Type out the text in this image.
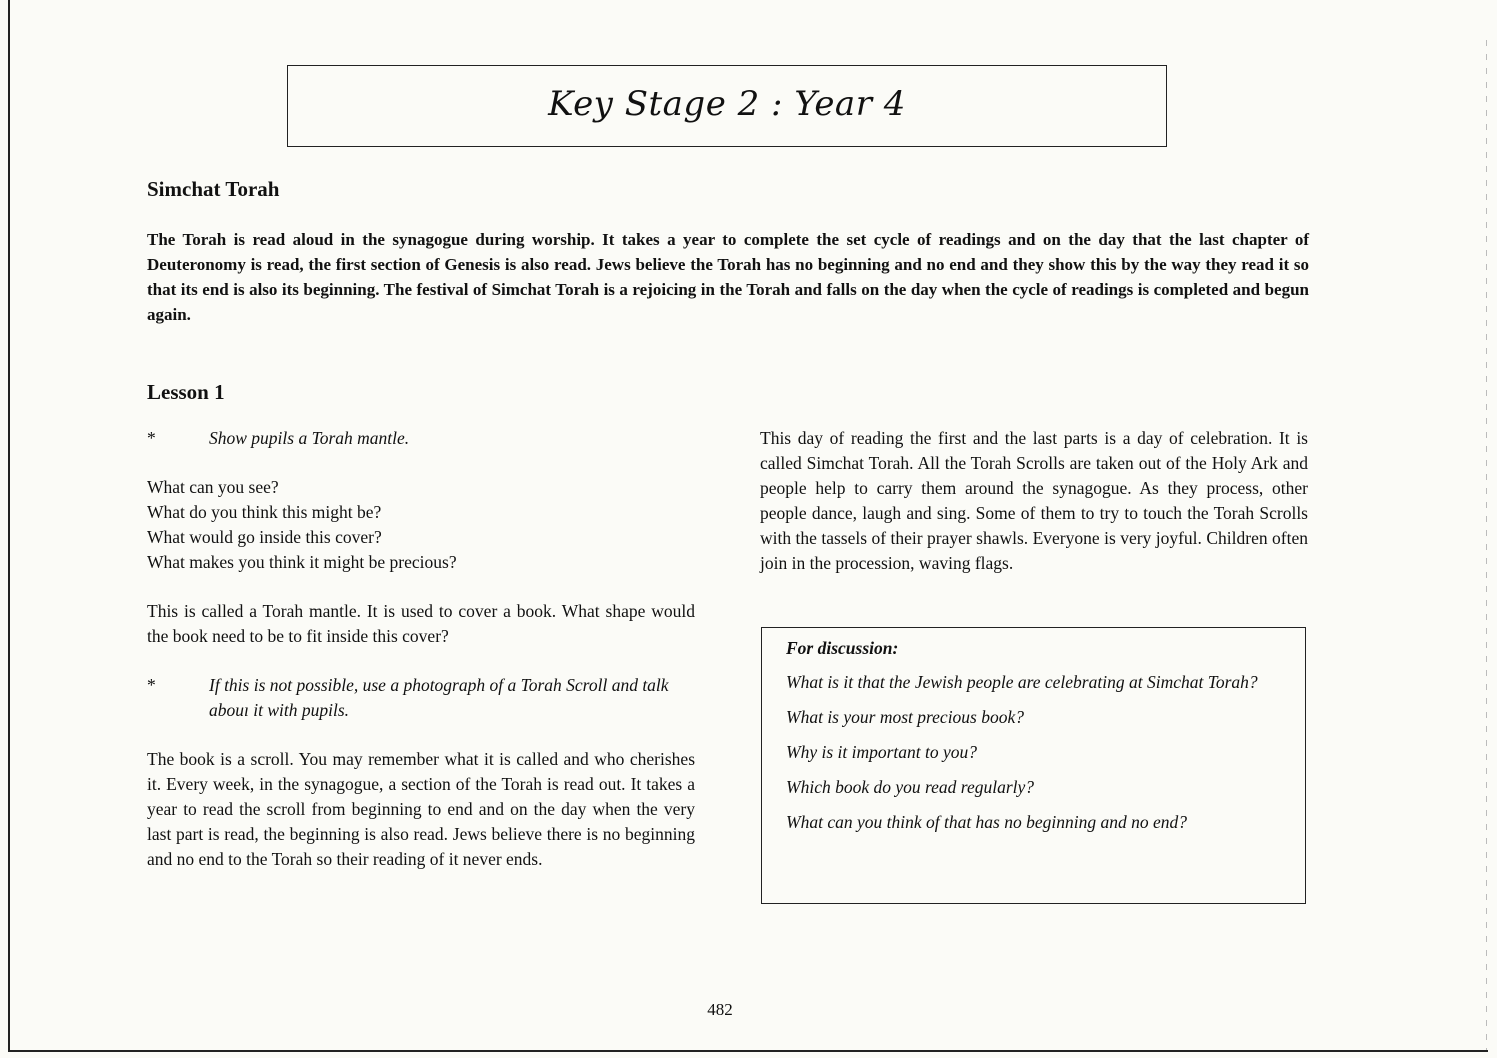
Key Stage 2 : Year 4
Simchat Torah

The Torah is read aloud in the synagogue during worship. It takes a year to complete the set cycle of readings and on the day that the last chapter of Deuteronomy is read, the first section of Genesis is also read. Jews believe the Torah has no beginning and no end and they show this by the way they read it so that its end is also its beginning. The festival of Simchat Torah is a rejoicing in the Torah and falls on the day when the cycle of readings is completed and begun again.

Lesson 1
*	Show pupils a Torah mantle.

What can you see?

What do you think this might be?

What would go inside this cover?

What makes you think it might be precious?

This is called a Torah mantle. It is used to cover a book. What shape would the book need to be to fit inside this cover?

*	If this is not possible, use a photograph of a Torah Scroll and talk abouı it with pupils.

The book is a scroll. You may remember what it is called and who cherishes it. Every week, in the synagogue, a section of the Torah is read out. It takes a year to read the scroll from beginning to end and on the day when the very last part is read, the beginning is also read. Jews believe there is no beginning and no end to the Torah so their reading of it never ends.

This day of reading the first and the last parts is a day of celebration. It is called Simchat Torah. All the Torah Scrolls are taken out of the Holy Ark and people help to carry them around the synagogue. As they process, other people dance, laugh and sing. Some of them to try to touch the Torah Scrolls with the tassels of their prayer shawls. Everyone is very joyful. Children often join in the procession, waving flags.

For discussion:

What is it that the Jewish people are celebrating at Simchat Torah?

What is your most precious book?

Why is it important to you?

Which book do you read regularly?

What can you think of that has no beginning and no end?

482
